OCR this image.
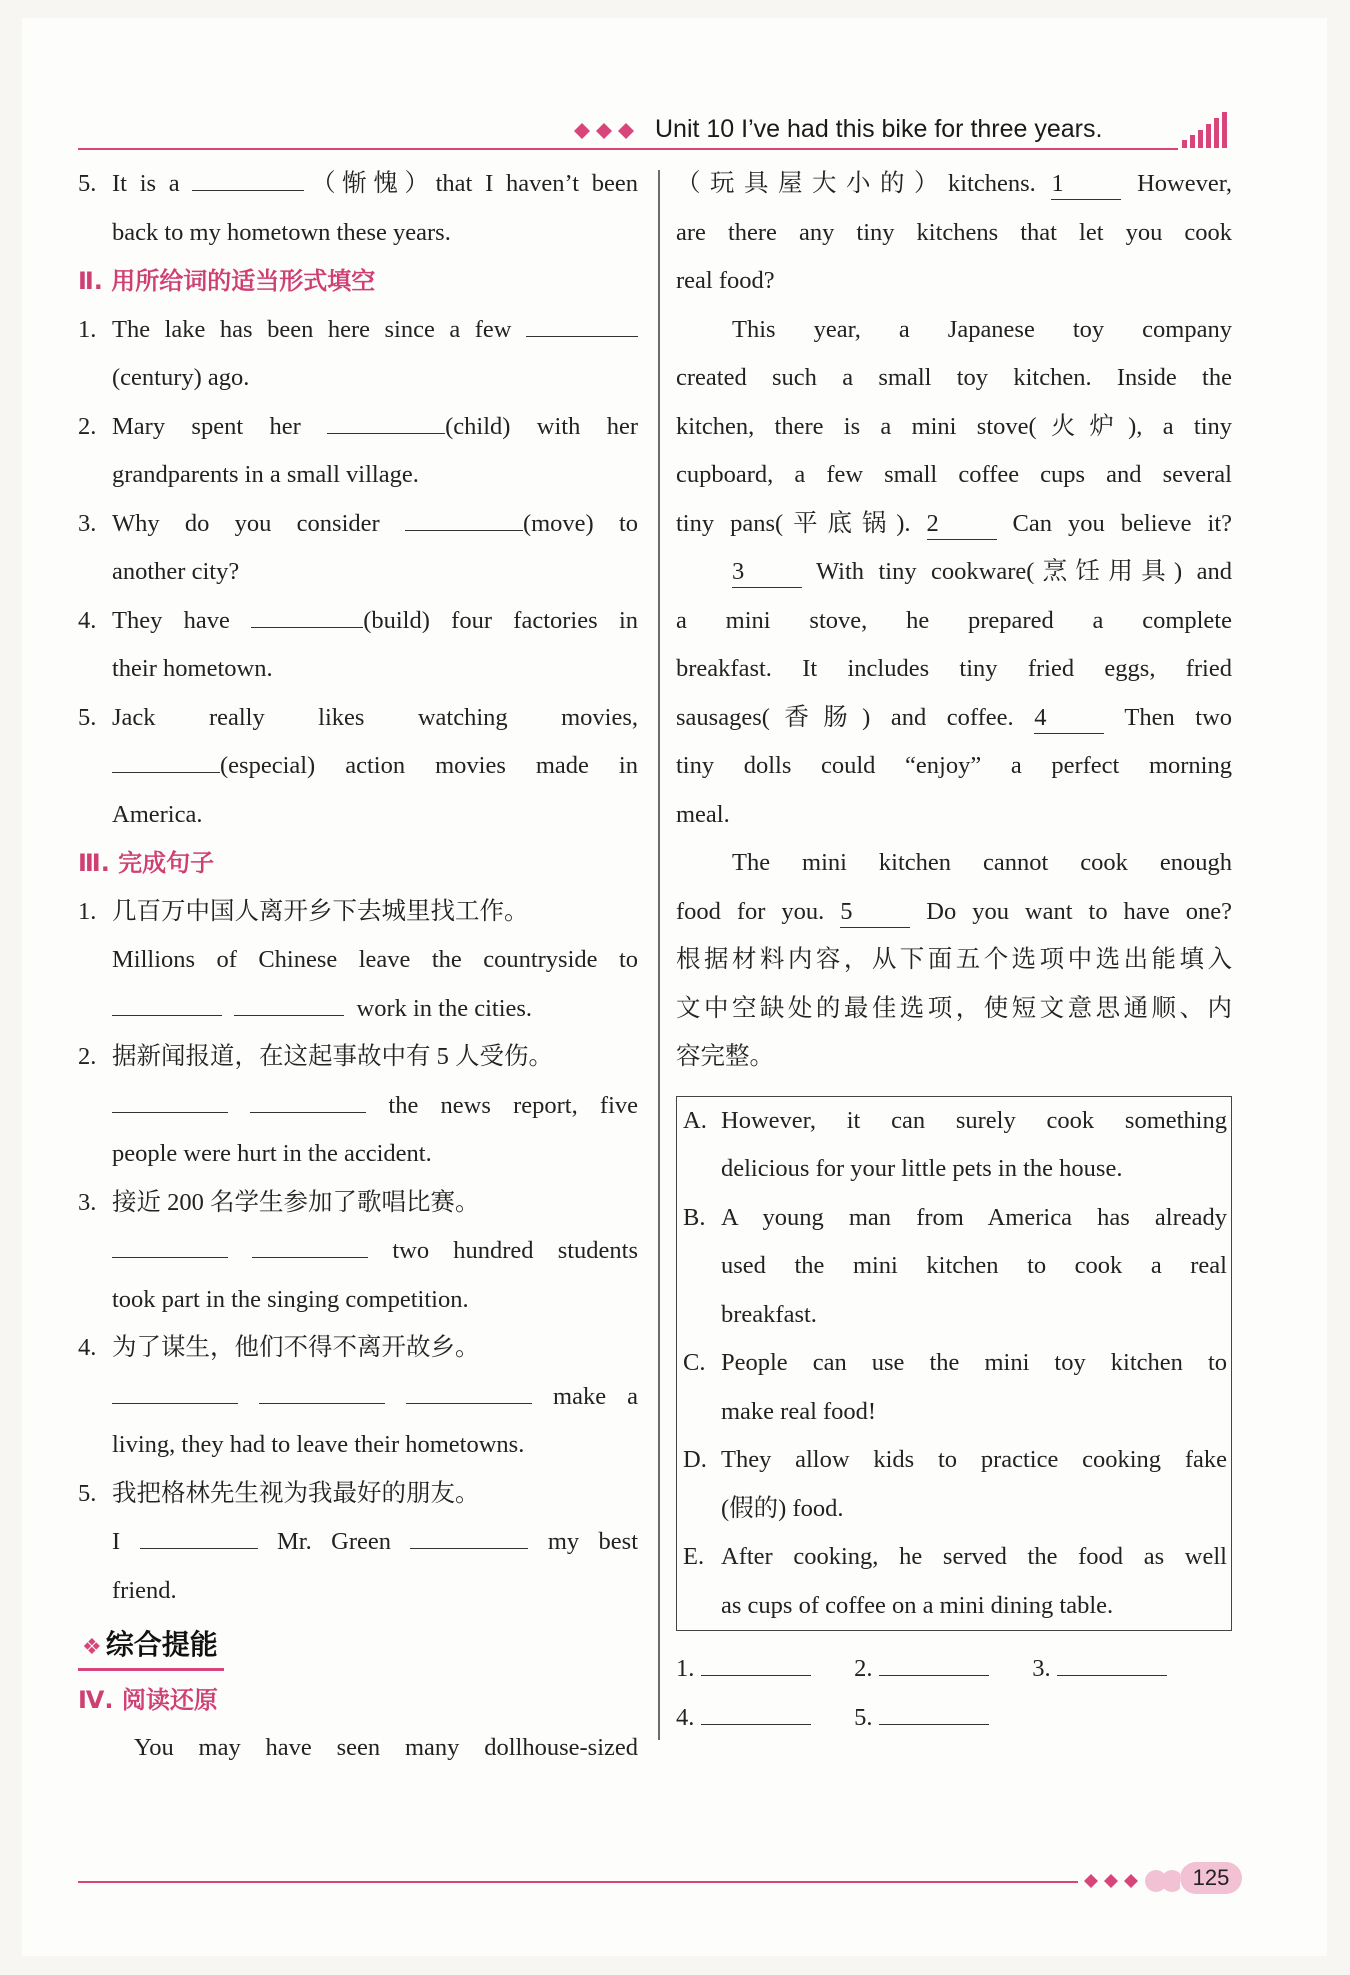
Unit 10 I’ve had this bike for three years.

5. It is a	（惭愧）that I haven’t been

back to my hometown these years.

Ⅱ. 用所给词的适当形式填空

1. The lake has been here since a few

(century) ago.

2. Mary spent her	(child) with her

grandparents in a small village.

3. Why do you consider	(move) to

another city?

4. They have	(build) four factories in

their hometown.

5. Jack really likes watching movies,

(especial) action movies made in

America.

Ⅲ. 完成句子

1. 几百万中国人离开乡下去城里找工作。

Millions of Chinese leave the countryside to

work in the cities.

2. 据新闻报道，在这起事故中有 5 人受伤。

the news report, five

people were hurt in the accident.

3. 接近 200 名学生参加了歌唱比赛。

two hundred students

took part in the singing competition.

4. 为了谋生，他们不得不离开故乡。

make a

living, they had to leave their hometowns.

5. 我把格林先生视为我最好的朋友。

I	Mr. Green	my best

friend.

❖ 综合提能

Ⅳ. 阅读还原

You may have seen many dollhouse-sized

（玩具屋大小的）kitchens. 1	However,

are there any tiny kitchens that let you cook

real food?

This year, a Japanese toy company

created such a small toy kitchen. Inside the

kitchen, there is a mini stove(火炉), a tiny

cupboard, a few small coffee cups and several

tiny pans(平底锅). 2	Can you believe it?

3	With tiny cookware(烹饪用具) and

a mini stove, he prepared a complete

breakfast. It includes tiny fried eggs, fried

sausages(香肠) and coffee. 4	Then two

tiny dolls could “enjoy” a perfect morning

meal.

The mini kitchen cannot cook enough

food for you. 5	Do you want to have one?

根据材料内容，从下面五个选项中选出能填入

文中空缺处的最佳选项，使短文意思通顺、内

容完整。

A. However, it can surely cook something

delicious for your little pets in the house.

B. A young man from America has already

used the mini kitchen to cook a real

breakfast.

C. People can use the mini toy kitchen to

make real food!

D. They allow kids to practice cooking fake

(假的) food.

E. After cooking, he served the food as well

as cups of coffee on a mini dining table.

1.	2.	3.
4.	5.
125
